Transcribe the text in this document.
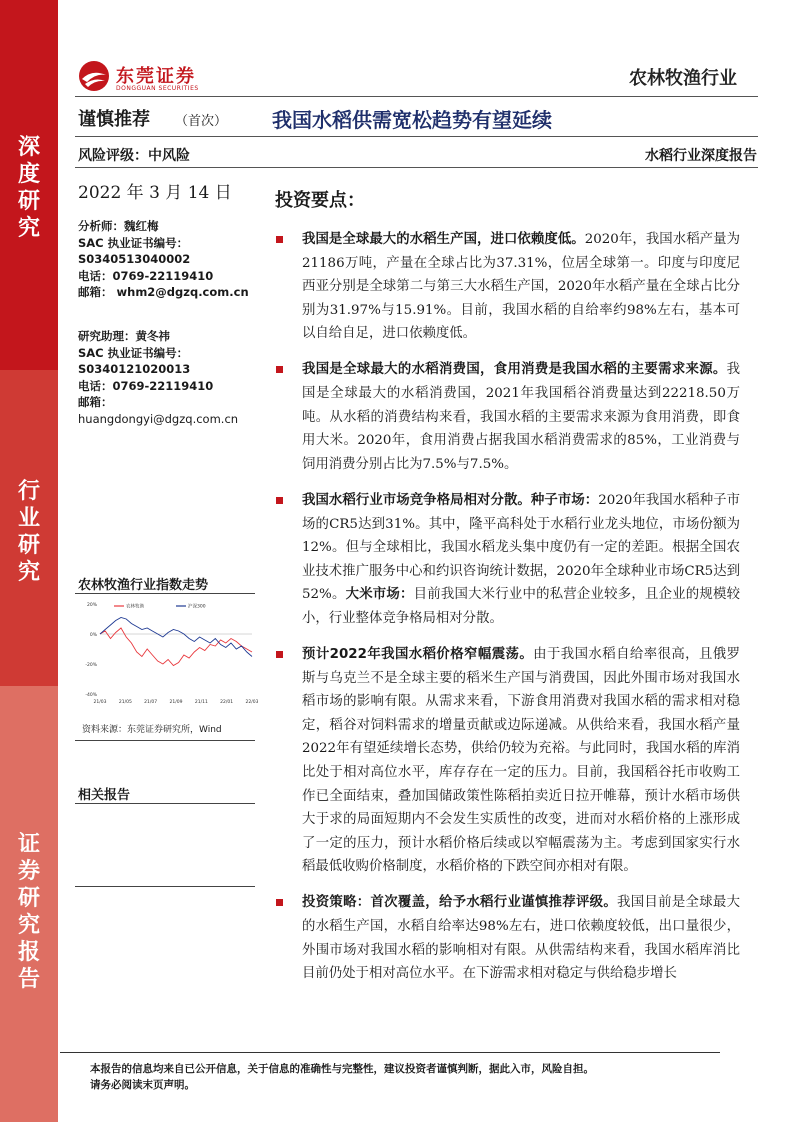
深
度
研
究
行
业
研
究
证
券
研
究
报
告
东莞证券
DONGGUAN SECURITIES	农林牧渔行业
谨慎推荐 （首次） 我国水稻供需宽松趋势有望延续
风险评级：中风险	水稻行业深度报告
2022 年 3 月 14 日
分析师：魏红梅
SAC 执业证书编号：
S0340513040002
电话：0769-22119410
邮箱： whm2@dgzq.com.cn
研究助理：黄冬祎
SAC 执业证书编号：
S0340121020013
电话：0769-22119410
邮箱：
huangdongyi@dgzq.com.cn
农林牧渔行业指数走势
20%
0%
-20%
-40%
21/03	21/05	21/07	21/09	21/11	22/01	22/03
农林牧渔	沪深300
资料来源：东莞证券研究所，Wind
相关报告
投资要点：
我国是全球最大的水稻生产国，进口依赖度低。2020年，我国水稻产量为21186万吨，产量在全球占比为37.31%，位居全球第一。印度与印度尼西亚分别是全球第二与第三大水稻生产国，2020年水稻产量在全球占比分别为31.97%与15.91%。目前，我国水稻的自给率约98%左右，基本可以自给自足，进口依赖度低。
我国是全球最大的水稻消费国，食用消费是我国水稻的主要需求来源。我国是全球最大的水稻消费国，2021年我国稻谷消费量达到22218.50万吨。从水稻的消费结构来看，我国水稻的主要需求来源为食用消费，即食用大米。2020年，食用消费占据我国水稻消费需求的85%，工业消费与饲用消费分别占比为7.5%与7.5%。
我国水稻行业市场竞争格局相对分散。种子市场：2020年我国水稻种子市场的CR5达到31%。其中，隆平高科处于水稻行业龙头地位，市场份额为12%。但与全球相比，我国水稻龙头集中度仍有一定的差距。根据全国农业技术推广服务中心和约识咨询统计数据，2020年全球种业市场CR5达到52%。大米市场：目前我国大米行业中的私营企业较多，且企业的规模较小，行业整体竞争格局相对分散。
预计2022年我国水稻价格窄幅震荡。由于我国水稻自给率很高，且俄罗斯与乌克兰不是全球主要的稻米生产国与消费国，因此外围市场对我国水稻市场的影响有限。从需求来看，下游食用消费对我国水稻的需求相对稳定，稻谷对饲料需求的增量贡献或边际递减。从供给来看，我国水稻产量2022年有望延续增长态势，供给仍较为充裕。与此同时，我国水稻的库消比处于相对高位水平，库存存在一定的压力。目前，我国稻谷托市收购工作已全面结束，叠加国储政策性陈稻拍卖近日拉开帷幕，预计水稻市场供大于求的局面短期内不会发生实质性的改变，进而对水稻价格的上涨形成了一定的压力，预计水稻价格后续或以窄幅震荡为主。考虑到国家实行水稻最低收购价格制度，水稻价格的下跌空间亦相对有限。
投资策略：首次覆盖，给予水稻行业谨慎推荐评级。我国目前是全球最大的水稻生产国，水稻自给率达98%左右，进口依赖度较低，出口量很少，外围市场对我国水稻的影响相对有限。从供需结构来看，我国水稻库消比目前仍处于相对高位水平。在下游需求相对稳定与供给稳步增长
本报告的信息均来自已公开信息，关于信息的准确性与完整性，建议投资者谨慎判断，据此入市，风险自担。
请务必阅读末页声明。
